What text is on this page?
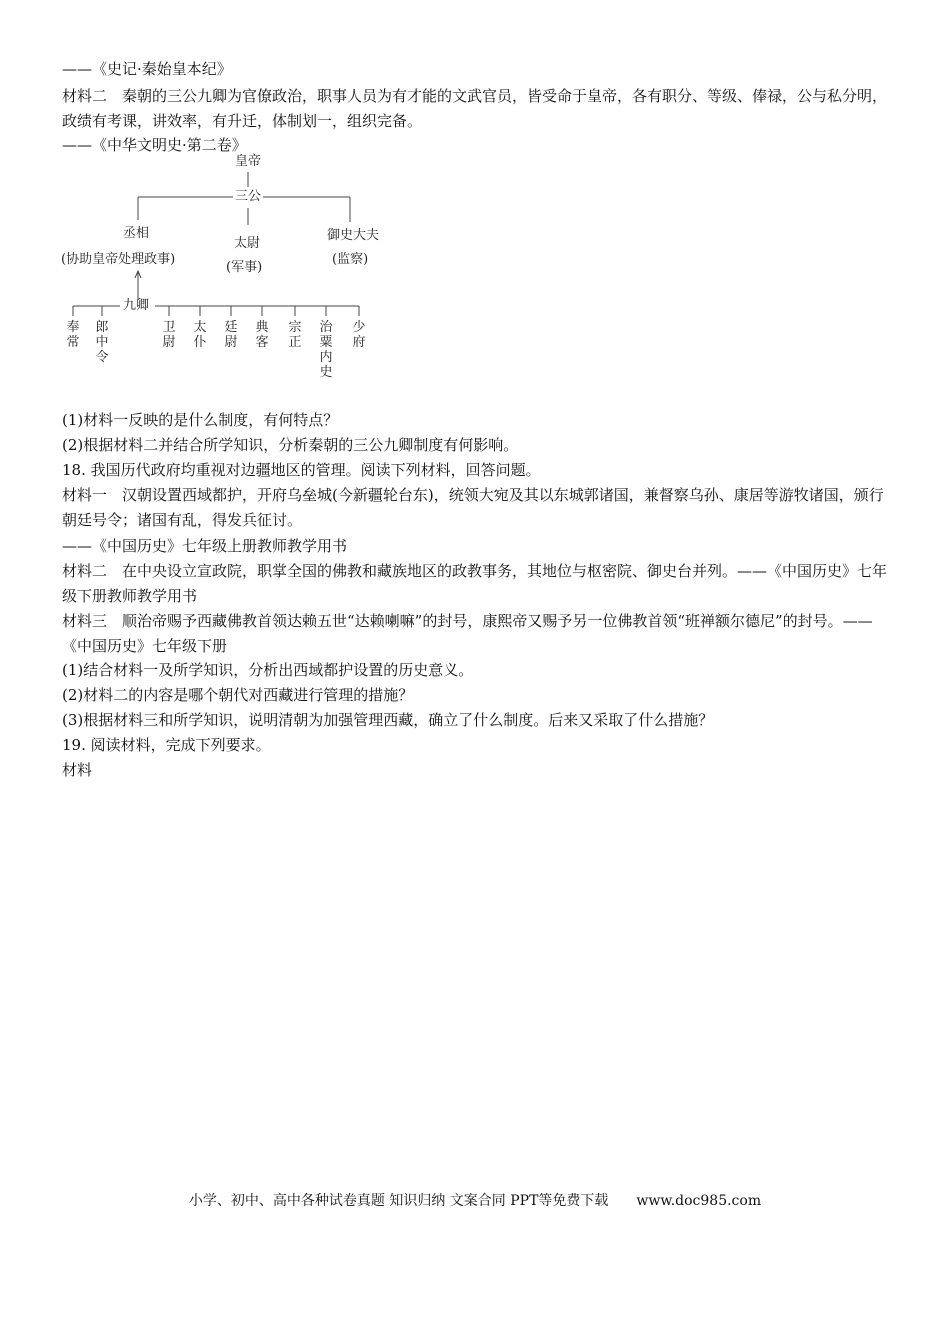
——《史记·秦始皇本纪》
材料二　秦朝的三公九卿为官僚政治，职事人员为有才能的文武官员，皆受命于皇帝，各有职分、等级、俸禄，公与私分明，政绩有考课，讲效率，有升迁，体制划一，组织完备。
——《中华文明史·第二卷》
皇帝
三公
丞相
(协助皇帝处理政事)
太尉
(军事)
御史大夫
(监察)
九卿
奉常
郎中令
卫尉
太仆
廷尉
典客
宗正
治粟内史
少府
(1)材料一反映的是什么制度，有何特点？
(2)根据材料二并结合所学知识，分析秦朝的三公九卿制度有何影响。
18. 我国历代政府均重视对边疆地区的管理。阅读下列材料，回答问题。
材料一　汉朝设置西域都护，开府乌垒城(今新疆轮台东)，统领大宛及其以东城郭诸国，兼督察乌孙、康居等游牧诸国，颁行朝廷号令；诸国有乱，得发兵征讨。
——《中国历史》七年级上册教师教学用书
材料二　在中央设立宣政院，职掌全国的佛教和藏族地区的政教事务，其地位与枢密院、御史台并列。——《中国历史》七年级下册教师教学用书
材料三　顺治帝赐予西藏佛教首领达赖五世“达赖喇嘛”的封号，康熙帝又赐予另一位佛教首领“班禅额尔德尼”的封号。——《中国历史》七年级下册
(1)结合材料一及所学知识，分析出西域都护设置的历史意义。
(2)材料二的内容是哪个朝代对西藏进行管理的措施？
(3)根据材料三和所学知识，说明清朝为加强管理西藏，确立了什么制度。后来又采取了什么措施？
19. 阅读材料，完成下列要求。
材料
小学、初中、高中各种试卷真题 知识归纳 文案合同 PPT等免费下载　　www.doc985.com
